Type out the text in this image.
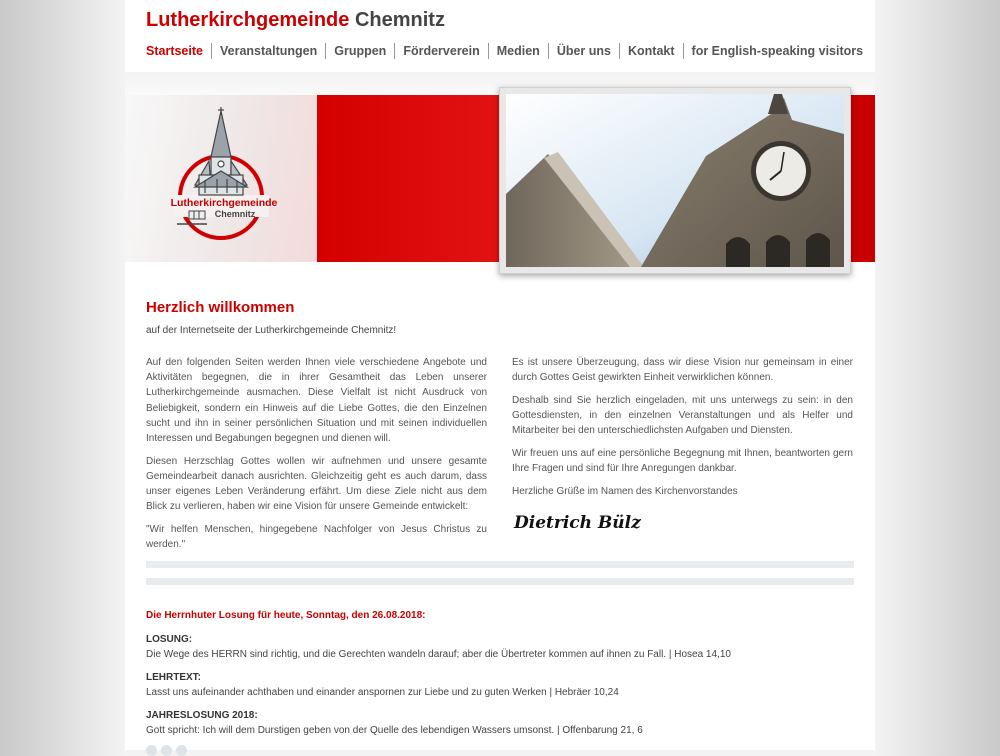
Lutherkirchgemeinde Chemnitz
Startseite	Veranstaltungen	Gruppen	Förderverein	Medien	Über uns	Kontakt	for English-speaking visitors
Lutherkirchgemeinde
Chemnitz
Herzlich willkommen
auf der Internetseite der Lutherkirchgemeinde Chemnitz!

Auf den folgenden Seiten werden Ihnen viele verschiedene Angebote und Aktivitäten begegnen, die in ihrer Gesamtheit das Leben unserer Lutherkirchgemeinde ausmachen. Diese Vielfalt ist nicht Ausdruck von Beliebigkeit, sondern ein Hinweis auf die Liebe Gottes, die den Einzelnen sucht und ihn in seiner persönlichen Situation und mit seinen individuellen Interessen und Begabungen begegnen und dienen will.

Diesen Herzschlag Gottes wollen wir aufnehmen und unsere gesamte Gemeindearbeit danach ausrichten. Gleichzeitig geht es auch darum, dass unser eigenes Leben Veränderung erfährt. Um diese Ziele nicht aus dem Blick zu verlieren, haben wir eine Vision für unsere Gemeinde entwickelt:

"Wir helfen Menschen, hingegebene Nachfolger von Jesus Christus zu werden."

Es ist unsere Überzeugung, dass wir diese Vision nur gemeinsam in einer durch Gottes Geist gewirkten Einheit verwirklichen können.

Deshalb sind Sie herzlich eingeladen, mit uns unterwegs zu sein: in den Gottesdiensten, in den einzelnen Veranstaltungen und als Helfer und Mitarbeiter bei den unterschiedlichsten Aufgaben und Diensten.

Wir freuen uns auf eine persönliche Begegnung mit Ihnen, beantworten gern Ihre Fragen und sind für Ihre Anregungen dankbar.

Herzliche Grüße im Namen des Kirchenvorstandes

Dietrich Bülz
Die Herrnhuter Losung für heute, Sonntag, den 26.08.2018:
LOSUNG:
Die Wege des HERRN sind richtig, und die Gerechten wandeln darauf; aber die Übertreter kommen auf ihnen zu Fall. | Hosea 14,10
LEHRTEXT:
Lasst uns aufeinander achthaben und einander anspornen zur Liebe und zu guten Werken | Hebräer 10,24
JAHRESLOSUNG 2018:
Gott spricht: Ich will dem Durstigen geben von der Quelle des lebendigen Wassers umsonst. | Offenbarung 21, 6
